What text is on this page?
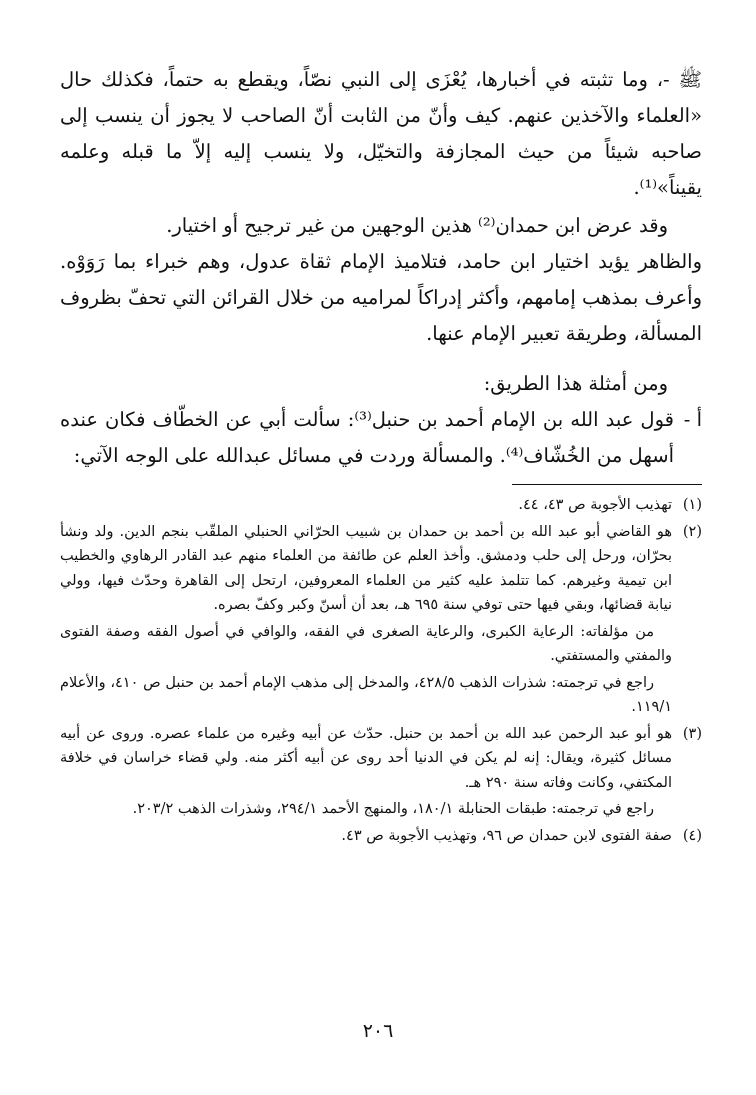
ﷺ -، وما تثبته في أخبارها، يُعْزَى إلى النبي نصّاً، ويقطع به حتماً، فكذلك حال «العلماء والآخذين عنهم. كيف وأنّ من الثابت أنّ الصاحب لا يجوز أن ينسب إلى صاحبه شيئاً من حيث المجازفة والتخيّل، ولا ينسب إليه إلاّ ما قبله وعلمه يقيناً»⁽¹⁾.

وقد عرض ابن حمدان⁽²⁾ هذين الوجهين من غير ترجيح أو اختيار.

والظاهر يؤيد اختيار ابن حامد، فتلاميذ الإمام ثقاة عدول، وهم خبراء بما رَوَوْه. وأعرف بمذهب إمامهم، وأكثر إدراكاً لمراميه من خلال القرائن التي تحفّ بظروف المسألة، وطريقة تعبير الإمام عنها.

ومن أمثلة هذا الطريق:

أ -
قول عبد الله بن الإمام أحمد بن حنبل⁽³⁾: سألت أبي عن الخطّاف فكان عنده أسهل من الخُشّاف⁽⁴⁾. والمسألة وردت في مسائل عبدالله على الوجه الآتي:
(١)

تهذيب الأجوبة ص ٤٣، ٤٤.

(٢)

هو القاضي أبو عبد الله بن أحمد بن حمدان بن شبيب الحرّاني الحنبلي الملقّب بنجم الدين. ولد ونشأ بحرّان، ورحل إلى حلب ودمشق. وأخذ العلم عن طائفة من العلماء منهم عبد القادر الرهاوي والخطيب ابن تيمية وغيرهم. كما تتلمذ عليه كثير من العلماء المعروفين، ارتحل إلى القاهرة وحدّث فيها، وولي نيابة قضائها، وبقي فيها حتى توفي سنة ٦٩٥ هـ، بعد أن أسنّ وكبر وكفّ بصره.

من مؤلفاته: الرعاية الكبرى، والرعاية الصغرى في الفقه، والوافي في أصول الفقه وصفة الفتوى والمفتي والمستفتي.

راجع في ترجمته: شذرات الذهب ٤٢٨/٥، والمدخل إلى مذهب الإمام أحمد بن حنبل ص ٤١٠، والأعلام ١١٩/١.

(٣)

هو أبو عبد الرحمن عبد الله بن أحمد بن حنبل. حدّث عن أبيه وغيره من علماء عصره. وروى عن أبيه مسائل كثيرة، ويقال: إنه لم يكن في الدنيا أحد روى عن أبيه أكثر منه. ولي قضاء خراسان في خلافة المكتفي، وكانت وفاته سنة ٢٩٠ هـ.

راجع في ترجمته: طبقات الحنابلة ١٨٠/١، والمنهج الأحمد ٢٩٤/١، وشذرات الذهب ٢٠٣/٢.

(٤)

صفة الفتوى لابن حمدان ص ٩٦، وتهذيب الأجوبة ص ٤٣.

٢٠٦
